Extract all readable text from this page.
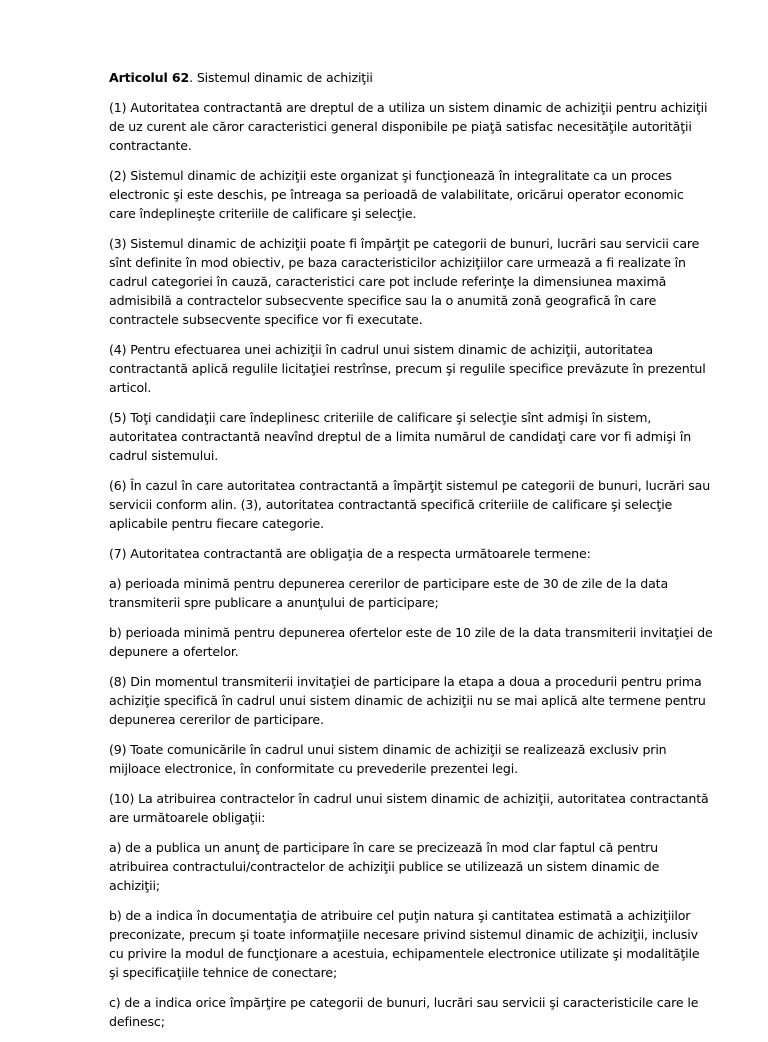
Articolul 62. Sistemul dinamic de achiziţii

(1) Autoritatea contractantă are dreptul de a utiliza un sistem dinamic de achiziţii pentru achiziţii de uz curent ale căror caracteristici general disponibile pe piaţă satisfac necesităţile autorităţii contractante.

(2) Sistemul dinamic de achiziţii este organizat şi funcţionează în integralitate ca un proces electronic şi este deschis, pe întreaga sa perioadă de valabilitate, oricărui operator economic care îndeplineşte criteriile de calificare şi selecţie.

(3) Sistemul dinamic de achiziţii poate fi împărţit pe categorii de bunuri, lucrări sau servicii care sînt definite în mod obiectiv, pe baza caracteristicilor achiziţiilor care urmează a fi realizate în cadrul categoriei în cauză, caracteristici care pot include referinţe la dimensiunea maximă admisibilă a contractelor subsecvente specifice sau la o anumită zonă geografică în care contractele subsecvente specifice vor fi executate.

(4) Pentru efectuarea unei achiziţii în cadrul unui sistem dinamic de achiziţii, autoritatea contractantă aplică regulile licitaţiei restrînse, precum şi regulile specifice prevăzute în prezentul articol.

(5) Toţi candidaţii care îndeplinesc criteriile de calificare şi selecţie sînt admişi în sistem, autoritatea contractantă neavînd dreptul de a limita numărul de candidaţi care vor fi admişi în cadrul sistemului.

(6) În cazul în care autoritatea contractantă a împărţit sistemul pe categorii de bunuri, lucrări sau servicii conform alin. (3), autoritatea contractantă specifică criteriile de calificare şi selecţie aplicabile pentru fiecare categorie.

(7) Autoritatea contractantă are obligaţia de a respecta următoarele termene:

a) perioada minimă pentru depunerea cererilor de participare este de 30 de zile de la data transmiterii spre publicare a anunţului de participare;

b) perioada minimă pentru depunerea ofertelor este de 10 zile de la data transmiterii invitaţiei de depunere a ofertelor.

(8) Din momentul transmiterii invitaţiei de participare la etapa a doua a procedurii pentru prima achiziţie specifică în cadrul unui sistem dinamic de achiziţii nu se mai aplică alte termene pentru depunerea cererilor de participare.

(9) Toate comunicările în cadrul unui sistem dinamic de achiziţii se realizează exclusiv prin mijloace electronice, în conformitate cu prevederile prezentei legi.

(10) La atribuirea contractelor în cadrul unui sistem dinamic de achiziţii, autoritatea contractantă are următoarele obligaţii:

a) de a publica un anunţ de participare în care se precizează în mod clar faptul că pentru atribuirea contractului/contractelor de achiziţii publice se utilizează un sistem dinamic de achiziţii;

b) de a indica în documentaţia de atribuire cel puţin natura şi cantitatea estimată a achiziţiilor preconizate, precum şi toate informaţiile necesare privind sistemul dinamic de achiziţii, inclusiv cu privire la modul de funcţionare a acestuia, echipamentele electronice utilizate şi modalităţile şi specificaţiile tehnice de conectare;

c) de a indica orice împărţire pe categorii de bunuri, lucrări sau servicii şi caracteristicile care le definesc;
